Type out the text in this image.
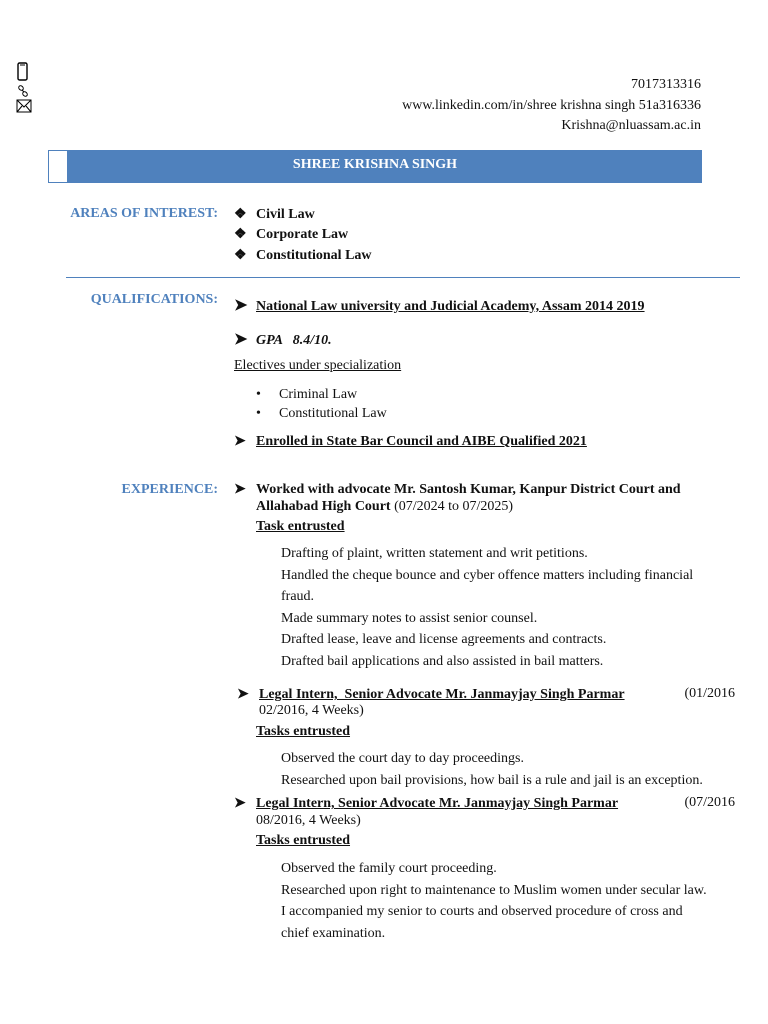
7017313316
www.linkedin.com/in/shree krishna singh 51a316336
Krishna@nluassam.ac.in
SHREE KRISHNA SINGH
AREAS OF INTEREST: ❖ Civil Law
❖ Corporate Law
❖ Constitutional Law
QUALIFICATIONS: ➤ National Law university and Judicial Academy, Assam 2014 2019
➤ GPA   8.4/10.
Electives under specialization
• Criminal Law
• Constitutional Law
➤ Enrolled in State Bar Council and AIBE Qualified 2021
EXPERIENCE: ➤ Worked with advocate Mr. Santosh Kumar, Kanpur District Court and
Allahabad High Court (07/2024 to 07/2025)
Task entrusted
Drafting of plaint, written statement and writ petitions.
Handled the cheque bounce and cyber offence matters including financial
fraud.
Made summary notes to assist senior counsel.
Drafted lease, leave and license agreements and contracts.
Drafted bail applications and also assisted in bail matters.
➤ Legal Intern,  Senior Advocate Mr. Janmayjay Singh Parmar	(01/2016
02/2016, 4 Weeks)
Tasks entrusted
Observed the court day to day proceedings.
Researched upon bail provisions, how bail is a rule and jail is an exception.
➤ Legal Intern, Senior Advocate Mr. Janmayjay Singh Parmar	(07/2016
08/2016, 4 Weeks)
Tasks entrusted
Observed the family court proceeding.
Researched upon right to maintenance to Muslim women under secular law.
I accompanied my senior to courts and observed procedure of cross and
chief examination.
